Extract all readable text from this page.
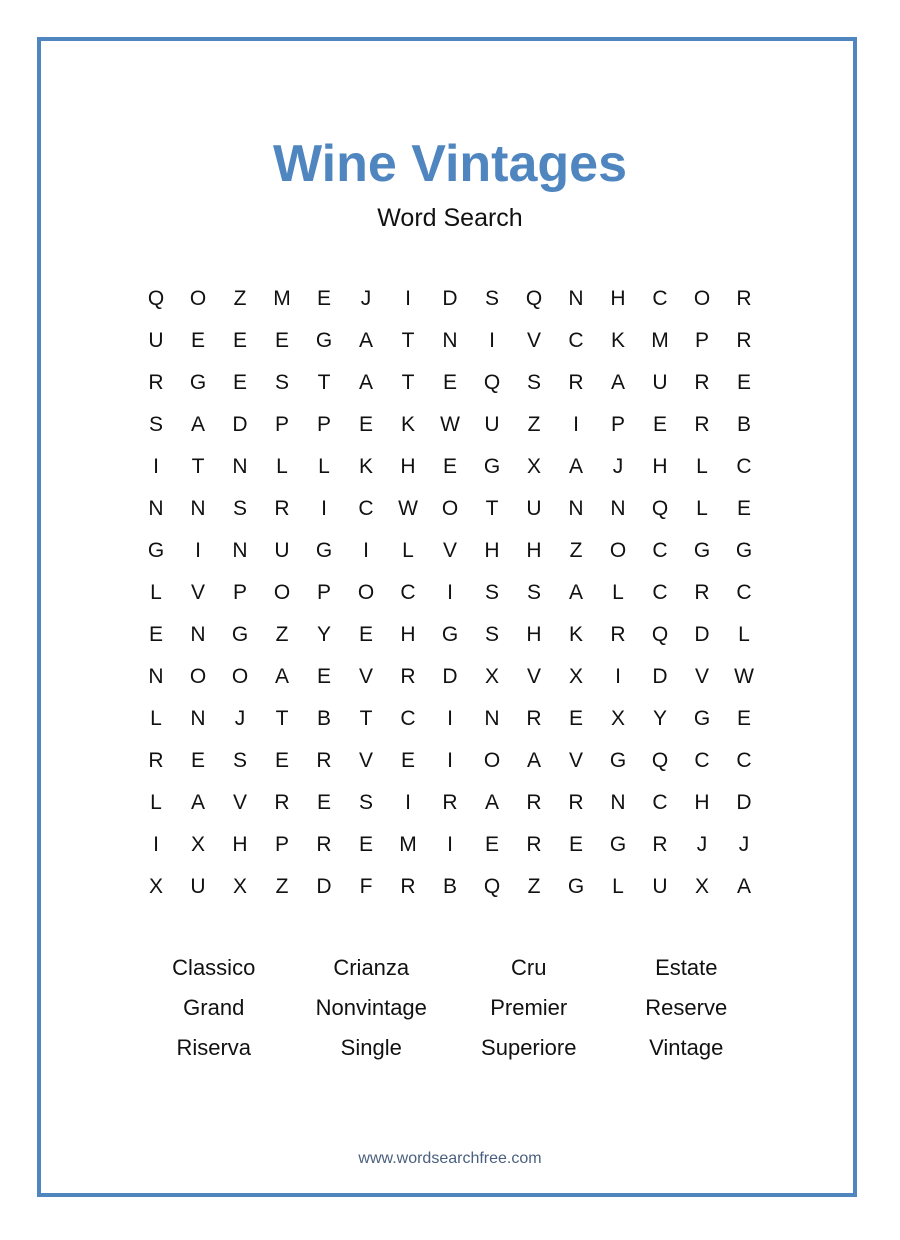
Wine Vintages
Word Search
Q	O	Z	M	E	J	I	D	S	Q	N	H	C	O	R
U	E	E	E	G	A	T	N	I	V	C	K	M	P	R
R	G	E	S	T	A	T	E	Q	S	R	A	U	R	E
S	A	D	P	P	E	K	W	U	Z	I	P	E	R	B
I	T	N	L	L	K	H	E	G	X	A	J	H	L	C
N	N	S	R	I	C	W	O	T	U	N	N	Q	L	E
G	I	N	U	G	I	L	V	H	H	Z	O	C	G	G
L	V	P	O	P	O	C	I	S	S	A	L	C	R	C
E	N	G	Z	Y	E	H	G	S	H	K	R	Q	D	L
N	O	O	A	E	V	R	D	X	V	X	I	D	V	W
L	N	J	T	B	T	C	I	N	R	E	X	Y	G	E
R	E	S	E	R	V	E	I	O	A	V	G	Q	C	C
L	A	V	R	E	S	I	R	A	R	R	N	C	H	D
I	X	H	P	R	E	M	I	E	R	E	G	R	J	J
X	U	X	Z	D	F	R	B	Q	Z	G	L	U	X	A
Classico	Crianza	Cru	Estate
Grand	Nonvintage	Premier	Reserve
Riserva	Single	Superiore	Vintage
www.wordsearchfree.com
